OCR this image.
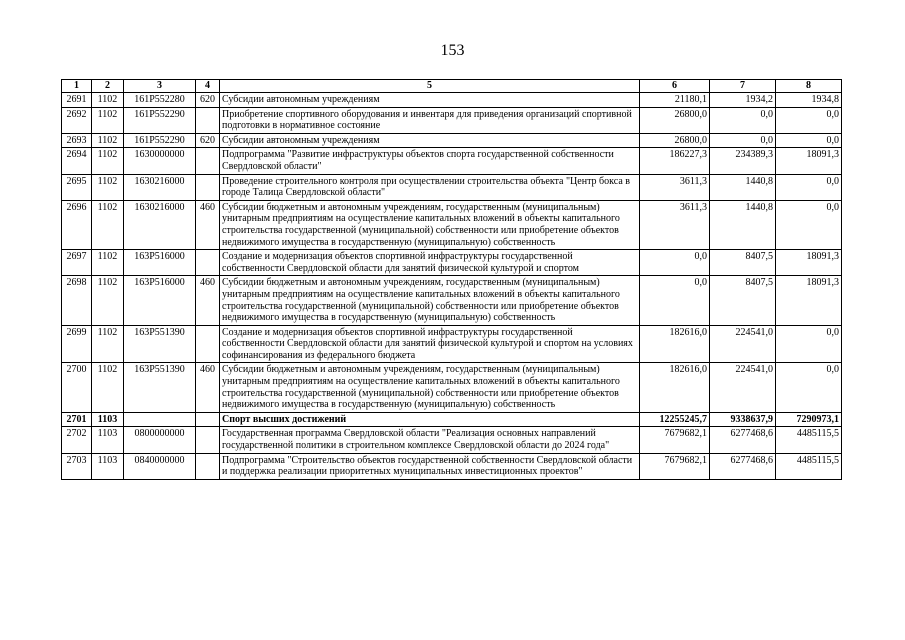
153
1	2	3	4	5	6	7	8
2691	1102	161Р552280	620	Субсидии автономным учреждениям	21180,1	1934,2	1934,8
2692	1102	161Р552290		Приобретение спортивного оборудования и инвентаря для приведения организаций спортивной подготовки в нормативное состояние	26800,0	0,0	0,0
2693	1102	161Р552290	620	Субсидии автономным учреждениям	26800,0	0,0	0,0
2694	1102	1630000000		Подпрограмма "Развитие инфраструктуры объектов спорта государственной собственности Свердловской области"	186227,3	234389,3	18091,3
2695	1102	1630216000		Проведение строительного контроля при осуществлении строительства объекта "Центр бокса в городе Талица Свердловской области"	3611,3	1440,8	0,0
2696	1102	1630216000	460	Субсидии бюджетным и автономным учреждениям, государственным (муниципальным) унитарным предприятиям на осуществление капитальных вложений в объекты капитального строительства государственной (муниципальной) собственности или приобретение объектов недвижимого имущества в государственную (муниципальную) собственность	3611,3	1440,8	0,0
2697	1102	163Р516000		Создание и модернизация объектов спортивной инфраструктуры государственной собственности Свердловской области для занятий физической культурой и спортом	0,0	8407,5	18091,3
2698	1102	163Р516000	460	Субсидии бюджетным и автономным учреждениям, государственным (муниципальным) унитарным предприятиям на осуществление капитальных вложений в объекты капитального строительства государственной (муниципальной) собственности или приобретение объектов недвижимого имущества в государственную (муниципальную) собственность	0,0	8407,5	18091,3
2699	1102	163Р551390		Создание и модернизация объектов спортивной инфраструктуры государственной собственности Свердловской области для занятий физической культурой и спортом на условиях софинансирования из федерального бюджета	182616,0	224541,0	0,0
2700	1102	163Р551390	460	Субсидии бюджетным и автономным учреждениям, государственным (муниципальным) унитарным предприятиям на осуществление капитальных вложений в объекты капитального строительства государственной (муниципальной) собственности или приобретение объектов недвижимого имущества в государственную (муниципальную) собственность	182616,0	224541,0	0,0
2701	1103			Спорт высших достижений	12255245,7	9338637,9	7290973,1
2702	1103	0800000000		Государственная программа Свердловской области "Реализация основных направлений государственной политики в строительном комплексе Свердловской области до 2024 года"	7679682,1	6277468,6	4485115,5
2703	1103	0840000000		Подпрограмма "Строительство объектов государственной собственности Свердловской области и поддержка реализации приоритетных муниципальных инвестиционных проектов"	7679682,1	6277468,6	4485115,5
